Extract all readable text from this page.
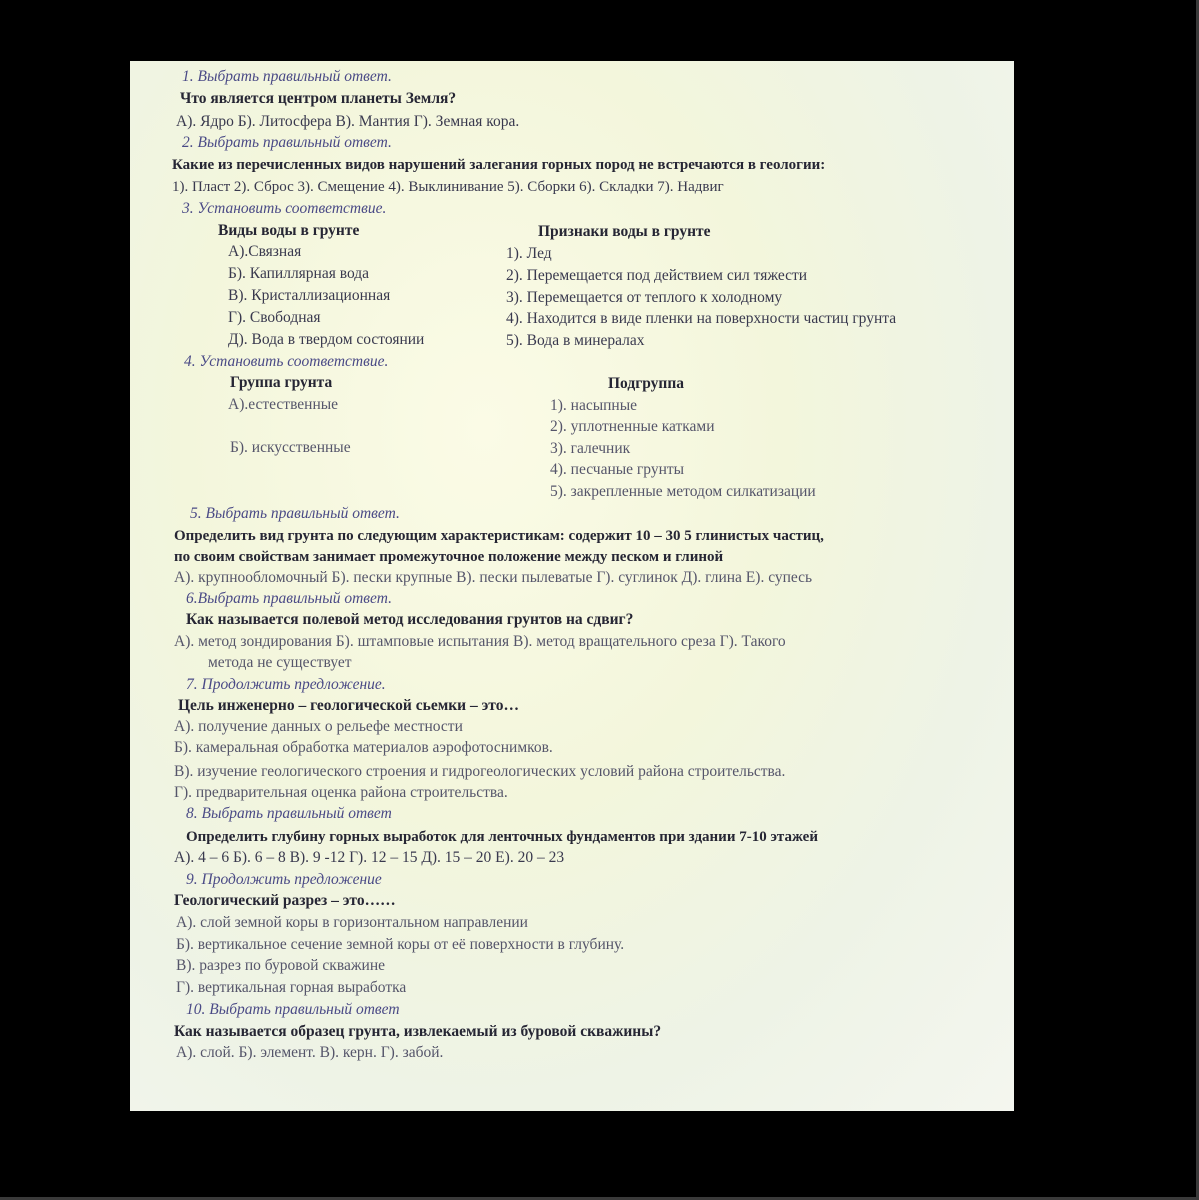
1. Выбрать правильный ответ.
Что является центром планеты Земля?
А). Ядро Б). Литосфера В). Мантия Г). Земная кора.
2. Выбрать правильный ответ.
Какие из перечисленных видов нарушений залегания горных пород не встречаются в геологии:
1). Пласт 2). Сброс 3). Смещение 4). Выклинивание 5). Сборки 6). Складки 7). Надвиг
3. Установить соответствие.
Виды воды в грунте	Признаки воды в грунте
А).Связная
Б). Капиллярная вода
В). Кристаллизационная
Г). Свободная
Д). Вода в твердом состоянии
1). Лед
2). Перемещается под действием сил тяжести
3). Перемещается от теплого к холодному
4). Находится в виде пленки на поверхности частиц грунта
5). Вода в минералах
4. Установить соответствие.
Группа грунта	Подгруппа
А).естественные
Б). искусственные
1). насыпные
2). уплотненные катками
3). галечник
4). песчаные грунты
5). закрепленные методом силкатизации
5. Выбрать правильный ответ.
Определить вид грунта по следующим характеристикам: содержит 10 – 30 5 глинистых частиц,
по своим свойствам занимает промежуточное положение между песком и глиной
А). крупнообломочный Б). пески крупные В). пески пылеватые Г). суглинок Д). глина Е). супесь
6.Выбрать правильный ответ.
Как называется полевой метод исследования грунтов на сдвиг?
А). метод зондирования Б). штамповые испытания В). метод вращательного среза Г). Такого
метода не существует
7. Продолжить предложение.
Цель инженерно – геологической сьемки – это…
А). получение данных о рельефе местности
Б). камеральная обработка материалов аэрофотоснимков.
В). изучение геологического строения и гидрогеологических условий района строительства.
Г). предварительная оценка района строительства.
8. Выбрать правильный ответ
Определить глубину горных выработок для ленточных фундаментов при здании 7-10 этажей
А). 4 – 6 Б). 6 – 8 В). 9 -12 Г). 12 – 15 Д). 15 – 20 Е). 20 – 23
9. Продолжить предложение
Геологический разрез – это……
А). слой земной коры в горизонтальном направлении
Б). вертикальное сечение земной коры от её поверхности в глубину.
В). разрез по буровой скважине
Г). вертикальная горная выработка
10. Выбрать правильный ответ
Как называется образец грунта, извлекаемый из буровой скважины?
А). слой. Б). элемент. В). керн. Г). забой.
